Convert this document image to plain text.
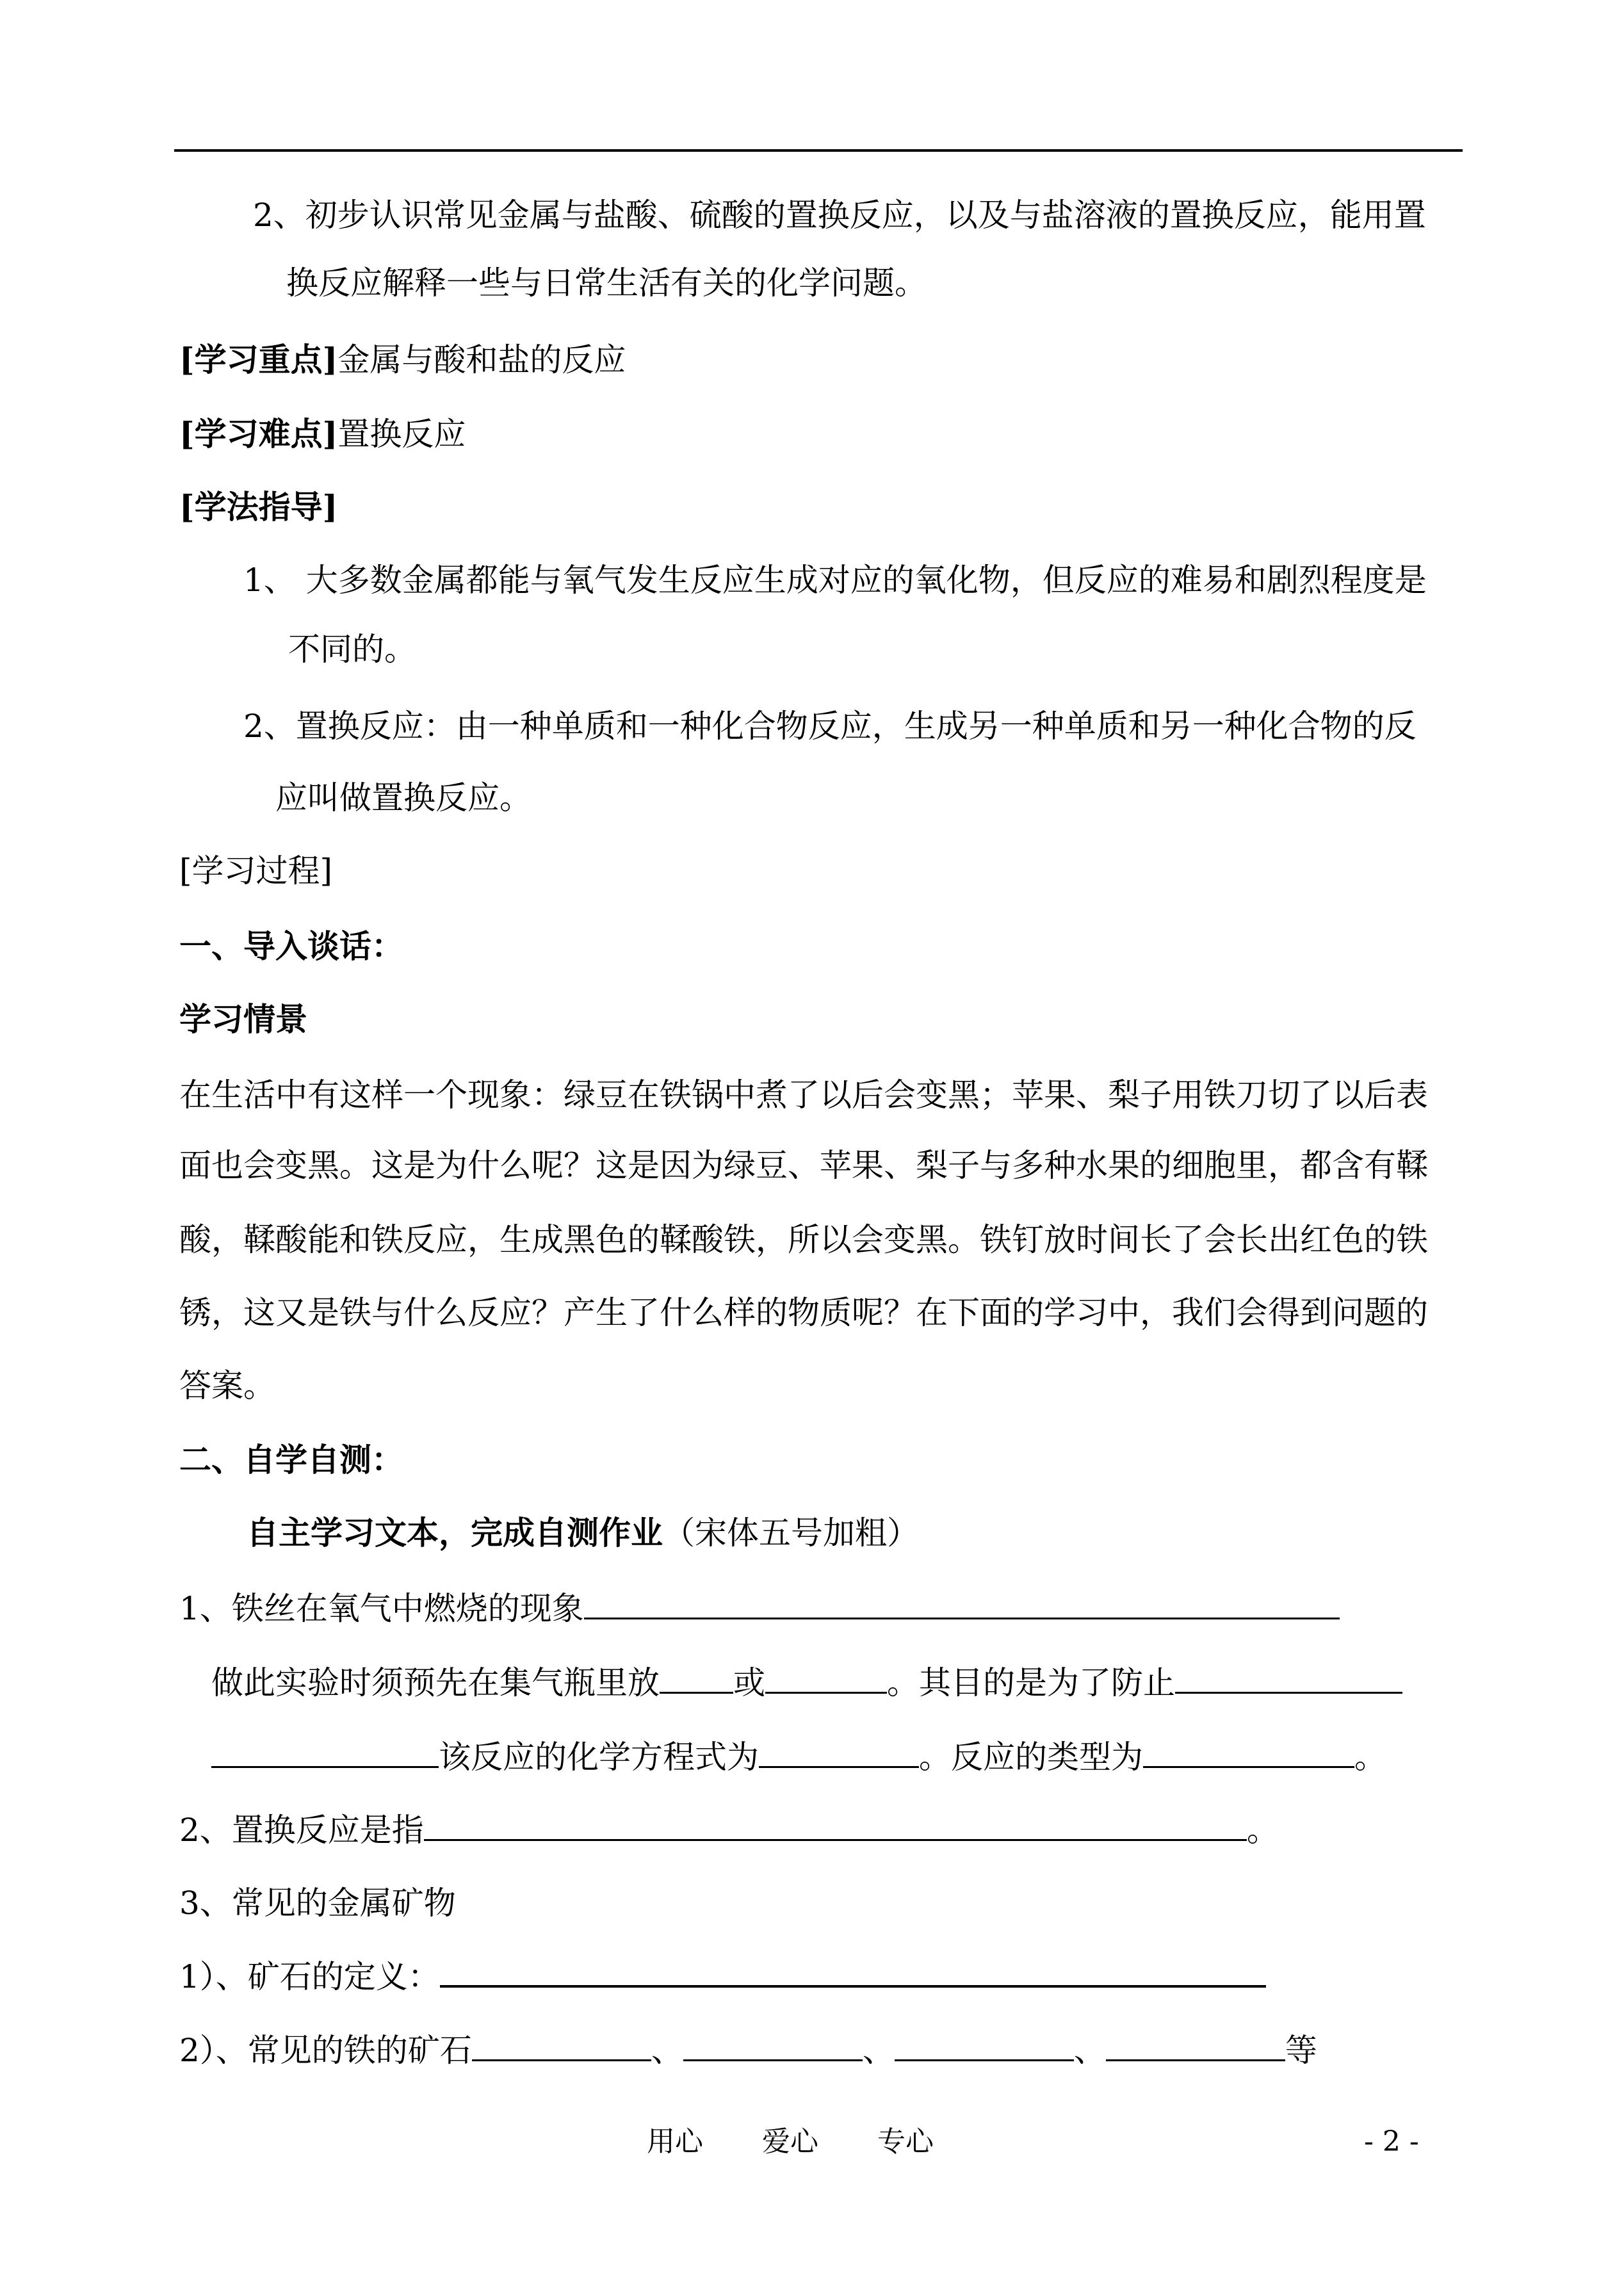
2、初步认识常见金属与盐酸、硫酸的置换反应，以及与盐溶液的置换反应，能用置
换反应解释一些与日常生活有关的化学问题。
[学习重点]金属与酸和盐的反应
[学习难点]置换反应
[学法指导]
1、 大多数金属都能与氧气发生反应生成对应的氧化物，但反应的难易和剧烈程度是
不同的。
2、置换反应：由一种单质和一种化合物反应，生成另一种单质和另一种化合物的反
应叫做置换反应。
[学习过程]
一、导入谈话：
学习情景
在生活中有这样一个现象：绿豆在铁锅中煮了以后会变黑；苹果、梨子用铁刀切了以后表
面也会变黑。这是为什么呢？这是因为绿豆、苹果、梨子与多种水果的细胞里，都含有鞣
酸，鞣酸能和铁反应，生成黑色的鞣酸铁，所以会变黑。铁钉放时间长了会长出红色的铁
锈，这又是铁与什么反应？产生了什么样的物质呢？在下面的学习中，我们会得到问题的
答案。
二、自学自测：
自主学习文本，完成自测作业（宋体五号加粗）
1、铁丝在氧气中燃烧的现象
做此实验时须预先在集气瓶里放 或	。其目的是为了防止
该反应的化学方程式为	。反应的类型为	。
2、置换反应是指	。
3、常见的金属矿物
1）、矿石的定义：
2）、常见的铁的矿石	、	、	、	等
用心 爱心 专心	- 2 -
